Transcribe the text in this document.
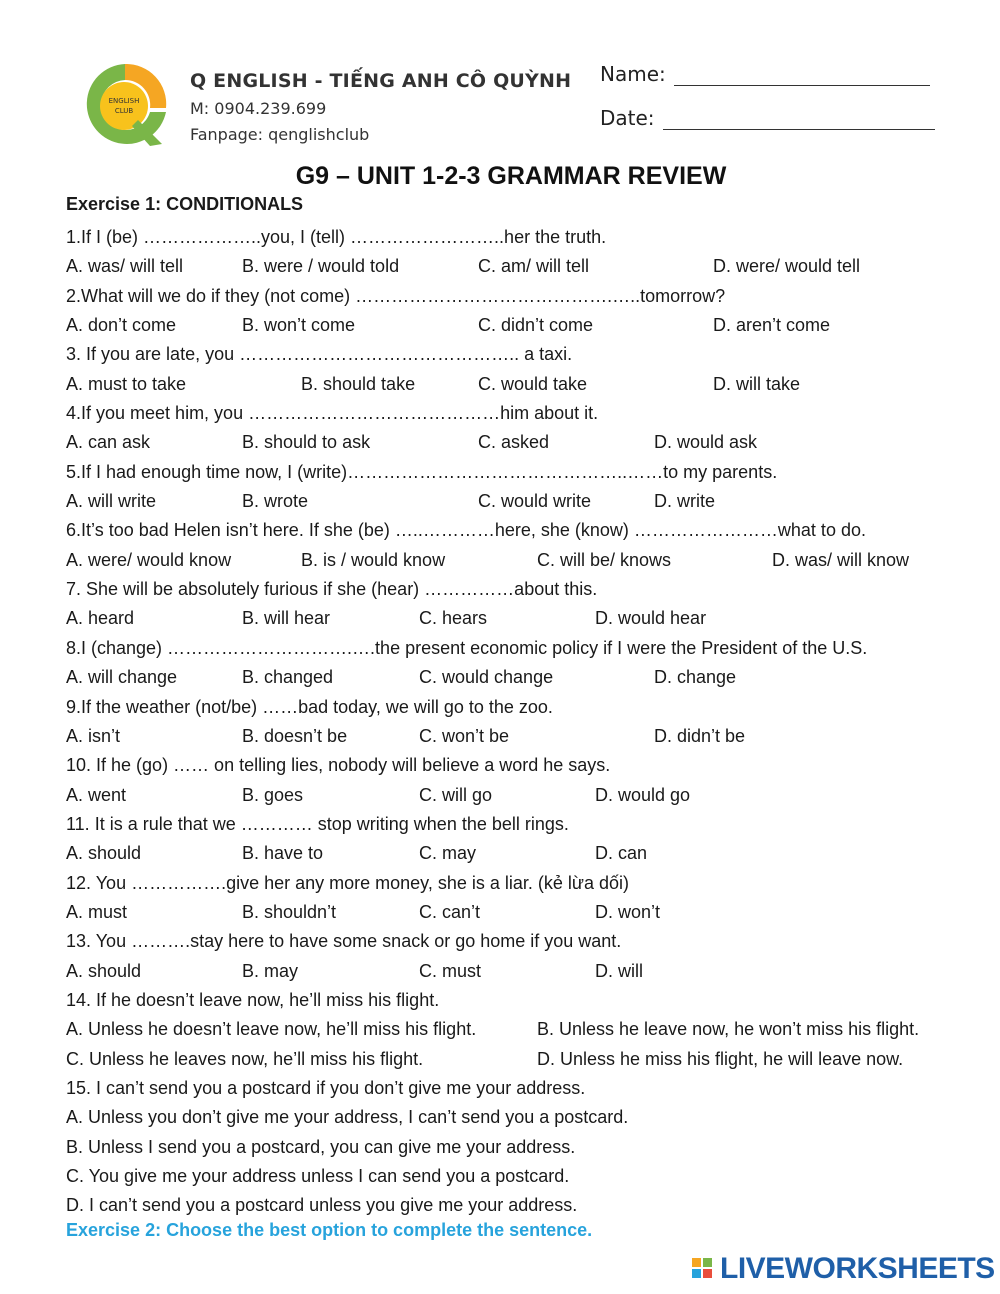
ENGLISH
CLUB
Q ENGLISH - TIẾNG ANH CÔ QUỲNH
M: 0904.239.699
Fanpage: qenglishclub
Name:
Date:
G9 – UNIT 1-2-3 GRAMMAR REVIEW
Exercise 1: CONDITIONALS
1.If I (be) ………………..you, I (tell) ……………………..her the truth.
A. was/ will tell	B. were / would told	C. am/ will tell	D. were/ would tell
2.What will we do if they (not come) …………………………………….…..tomorrow?
A. don’t come	B. won’t come	C. didn’t come	D. aren’t come
3. If you are late, you ……………………………………….. a taxi.
A. must to take	B. should take	C. would take	D. will take
4.If you meet him, you ……………………………………him about it.
A. can ask	B. should to ask	C. asked	D. would ask
5.If I had enough time now, I (write)………………………………………..……to my parents.
A. will write	B. wrote	C. would write	D. write
6.It’s too bad Helen isn’t here. If she (be) …..…………here, she (know) ……………………what to do.
A. were/ would know	B. is / would know	C. will be/ knows	D. was/ will know
7. She will be absolutely furious if she (hear) ……………about this.
A. heard	B. will hear	C. hears	D. would hear
8.I (change) ………………………….….the present economic policy if I were the President of the U.S.
A. will change	B. changed	C. would change	D. change
9.If the weather (not/be) ……bad today, we will go to the zoo.
A. isn’t	B. doesn’t be	C. won’t be	D. didn’t be
10. If he (go) …… on telling lies, nobody will believe a word he says.
A. went	B. goes	C. will go	D. would go
11. It is a rule that we ………… stop writing when the bell rings.
A. should	B. have to	C. may	D. can
12. You …………….give her any more money, she is a liar. (kẻ lừa dối)
A. must	B. shouldn’t	C. can’t	D. won’t
13. You ……….stay here to have some snack or go home if you want.
A. should	B. may	C. must	D. will
14. If he doesn’t leave now, he’ll miss his flight.
A. Unless he doesn’t leave now, he’ll miss his flight.	B. Unless he leave now, he won’t miss his flight.
C. Unless he leaves now, he’ll miss his flight.	D. Unless he miss his flight, he will leave now.
15. I can’t send you a postcard if you don’t give me your address.
A. Unless you don’t give me your address, I can’t send you a postcard.
B. Unless I send you a postcard, you can give me your address.
C. You give me your address unless I can send you a postcard.
D. I can’t send you a postcard unless you give me your address.
Exercise 2: Choose the best option to complete the sentence.
LIVEWORKSHEETS
